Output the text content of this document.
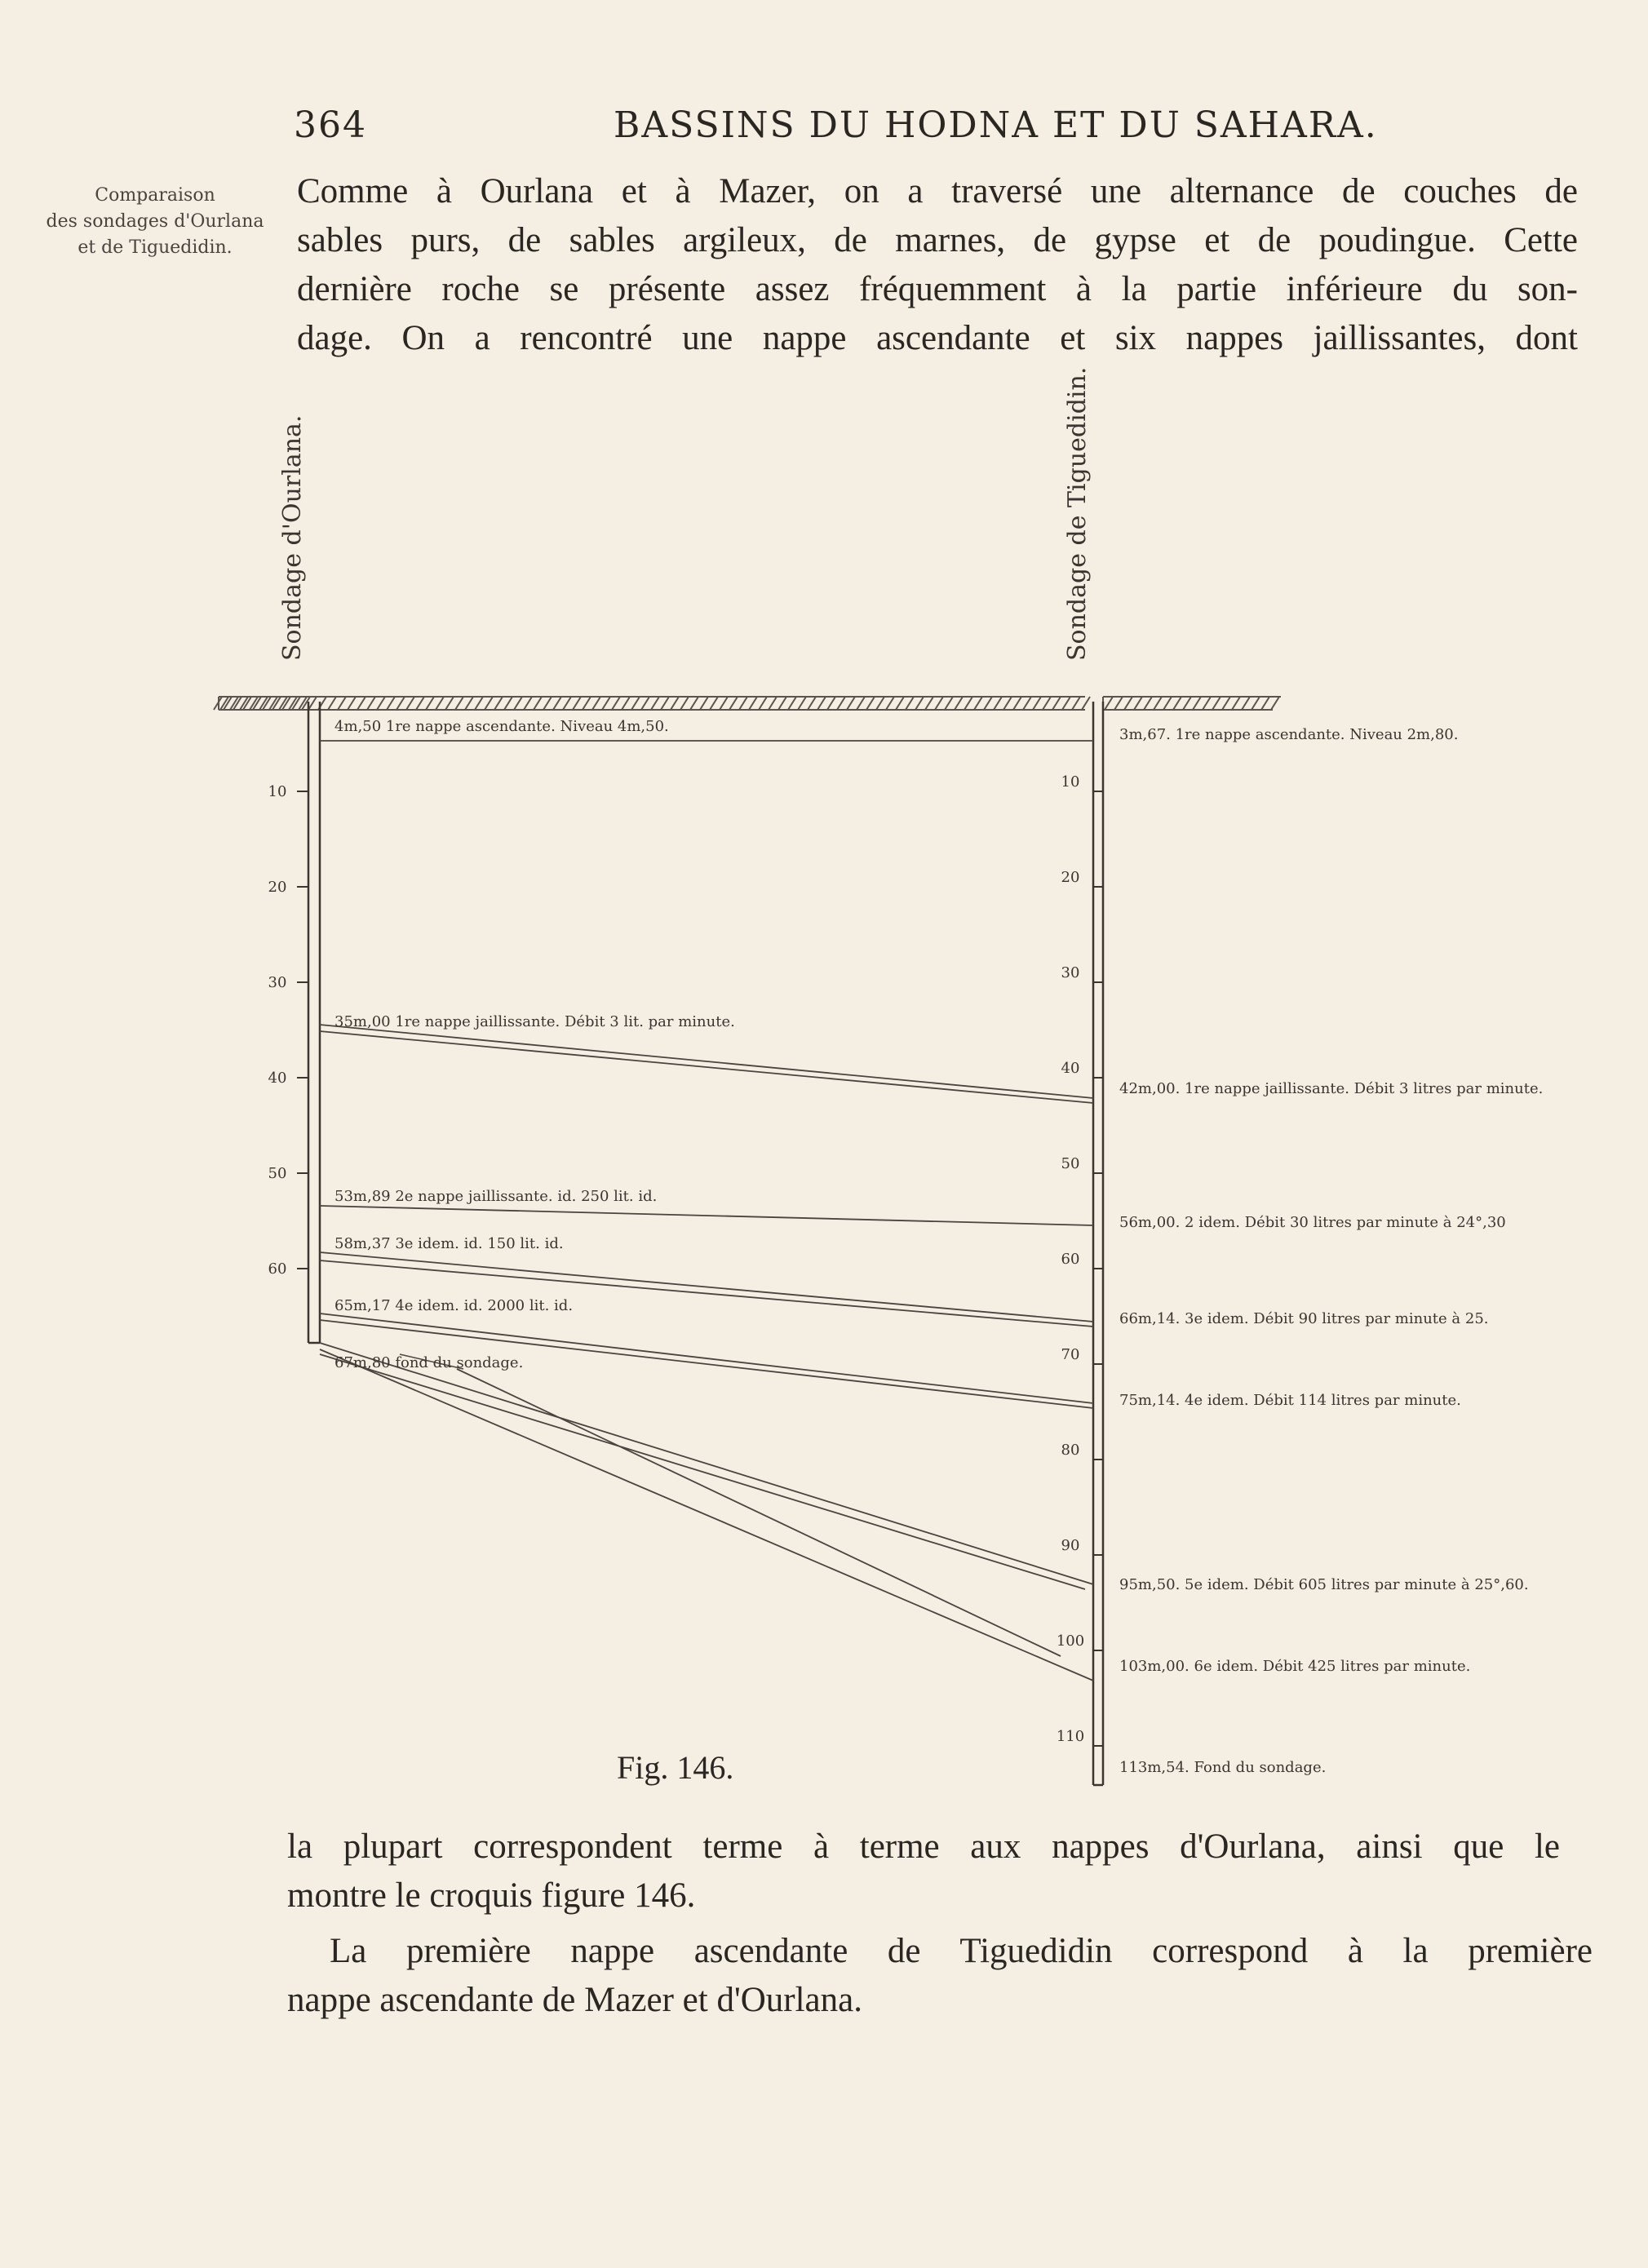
364	BASSINS DU HODNA ET DU SAHARA.
Comparaison
des sondages d'Ourlana
et de Tiguedidin.
Comme à Ourlana et à Mazer, on a traversé une alternance de couches de
sables purs, de sables argileux, de marnes, de gypse et de poudingue. Cette
dernière roche se présente assez fréquemment à la partie inférieure du son-
dage. On a rencontré une nappe ascendante et six nappes jaillissantes, dont
10
20
30
40
50
60
10
20
30
40
50
60
70
80
90
100
110
Sondage d'Ourlana.	Sondage de Tiguedidin.
4m,50 1re nappe ascendante. Niveau 4m,50.
35m,00 1re nappe jaillissante. Débit 3 lit. par minute.
53m,89 2e nappe jaillissante. id. 250 lit. id.
58m,37 3e idem. id. 150 lit. id.
65m,17 4e idem. id. 2000 lit. id.
67m,80 fond du sondage.
3m,67. 1re nappe ascendante. Niveau 2m,80.
42m,00. 1re nappe jaillissante. Débit 3 litres par minute.
56m,00. 2 idem. Débit 30 litres par minute à 24°,30
66m,14. 3e idem. Débit 90 litres par minute à 25.
75m,14. 4e idem. Débit 114 litres par minute.
95m,50. 5e idem. Débit 605 litres par minute à 25°,60.
103m,00. 6e idem. Débit 425 litres par minute.
113m,54. Fond du sondage.
Fig. 146.
la plupart correspondent terme à terme aux nappes d'Ourlana, ainsi que le
montre le croquis figure 146.
La première nappe ascendante de Tiguedidin correspond à la première
nappe ascendante de Mazer et d'Ourlana.
